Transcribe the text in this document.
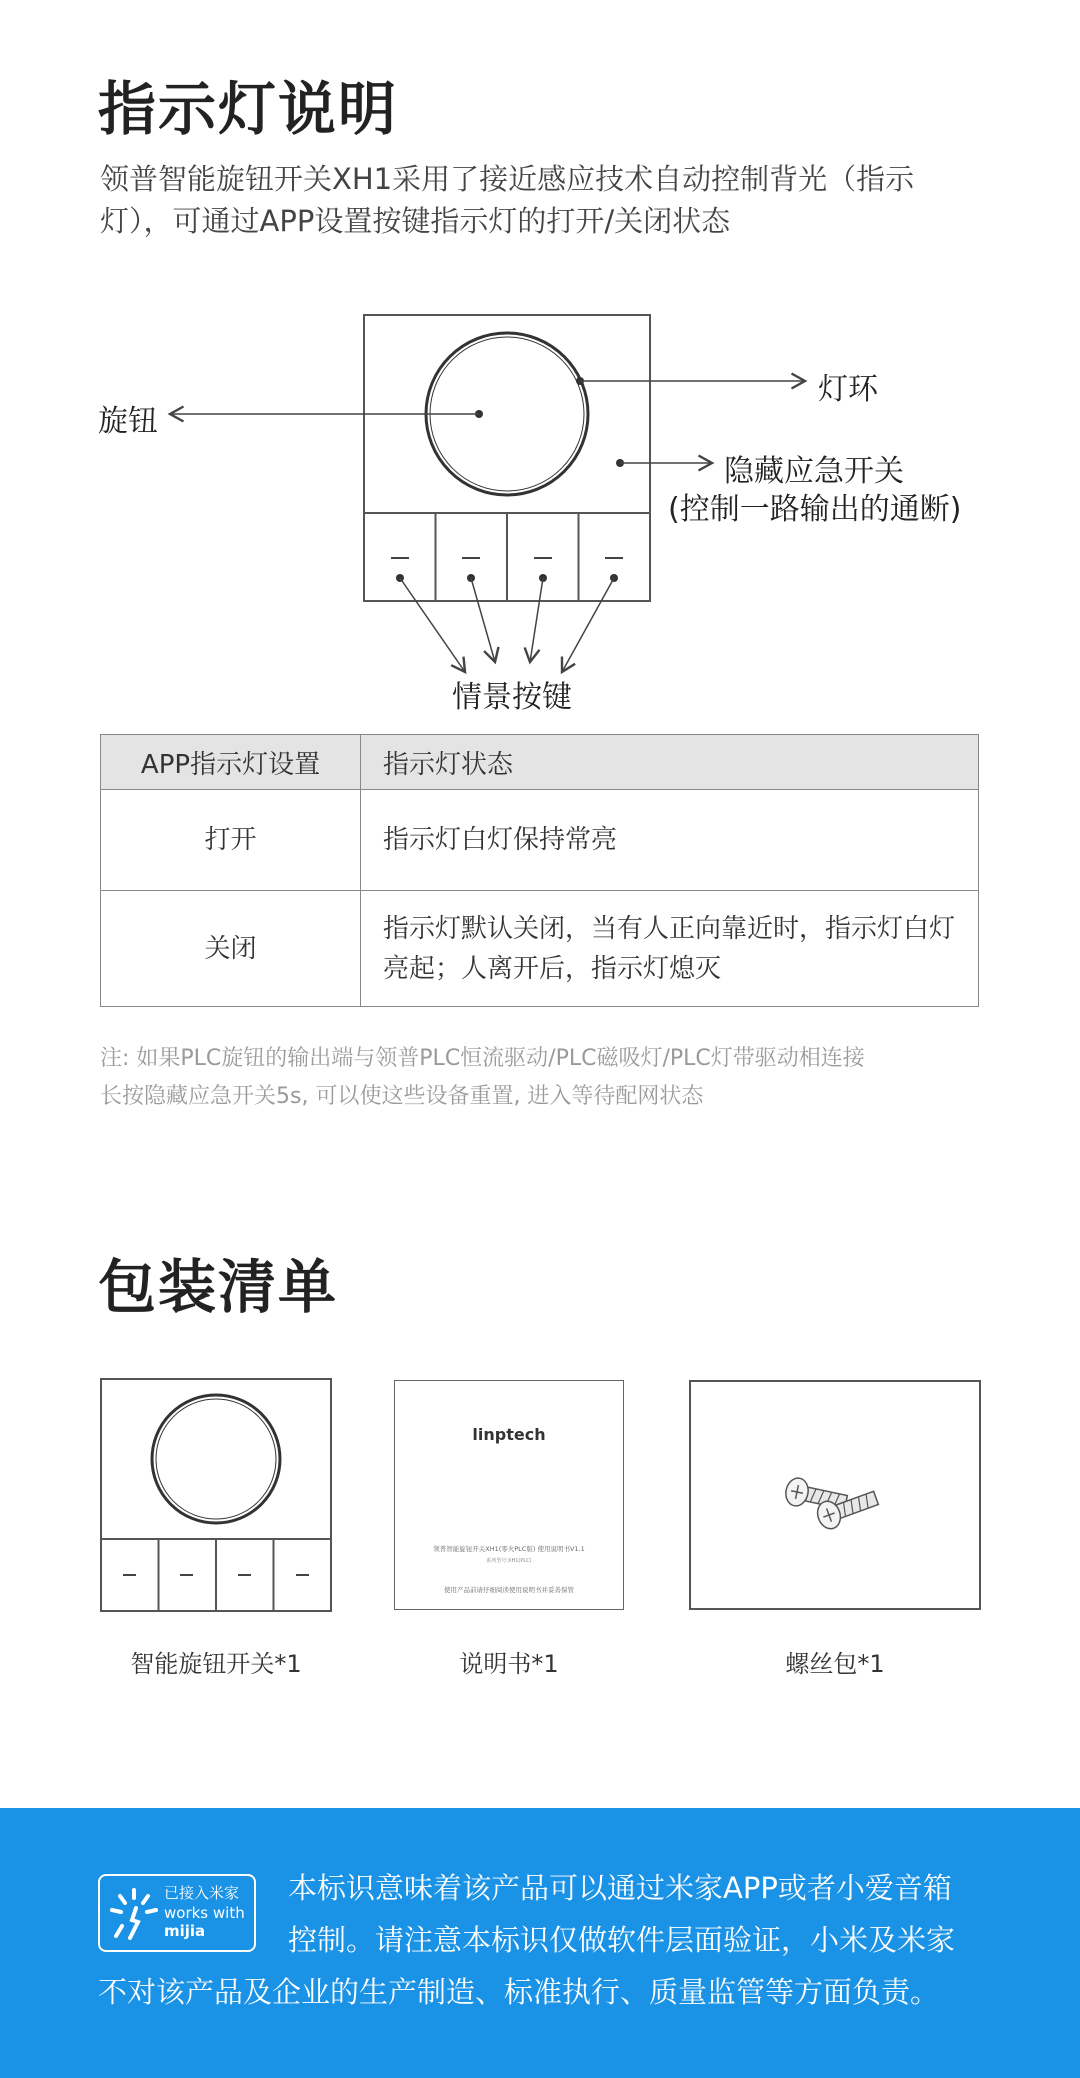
指示灯说明
领普智能旋钮开关XH1采用了接近感应技术自动控制背光（指示
灯），可通过APP设置按键指示灯的打开/关闭状态
旋钮
灯环
隐藏应急开关
(控制一路输出的通断)
情景按键
APP指示灯设置	指示灯状态
打开	指示灯白灯保持常亮
关闭	指示灯默认关闭，当有人正向靠近时，指示灯白灯亮起；人离开后，指示灯熄灭
注: 如果PLC旋钮的输出端与领普PLC恒流驱动/PLC磁吸灯/PLC灯带驱动相连接
长按隐藏应急开关5s, 可以使这些设备重置, 进入等待配网状态
包装清单
linptech
领普智能旋钮开关XH1(零火PLC版) 使用说明书V1.1
系列型号:XH1(PLC)
使用产品前请仔细阅读使用说明书并妥善保管
智能旋钮开关*1	说明书*1	螺丝包*1
已接入米家
works with
mijia
本标识意味着该产品可以通过米家APP或者小爱音箱
控制。请注意本标识仅做软件层面验证，小米及米家
不对该产品及企业的生产制造、标准执行、质量监管等方面负责。
